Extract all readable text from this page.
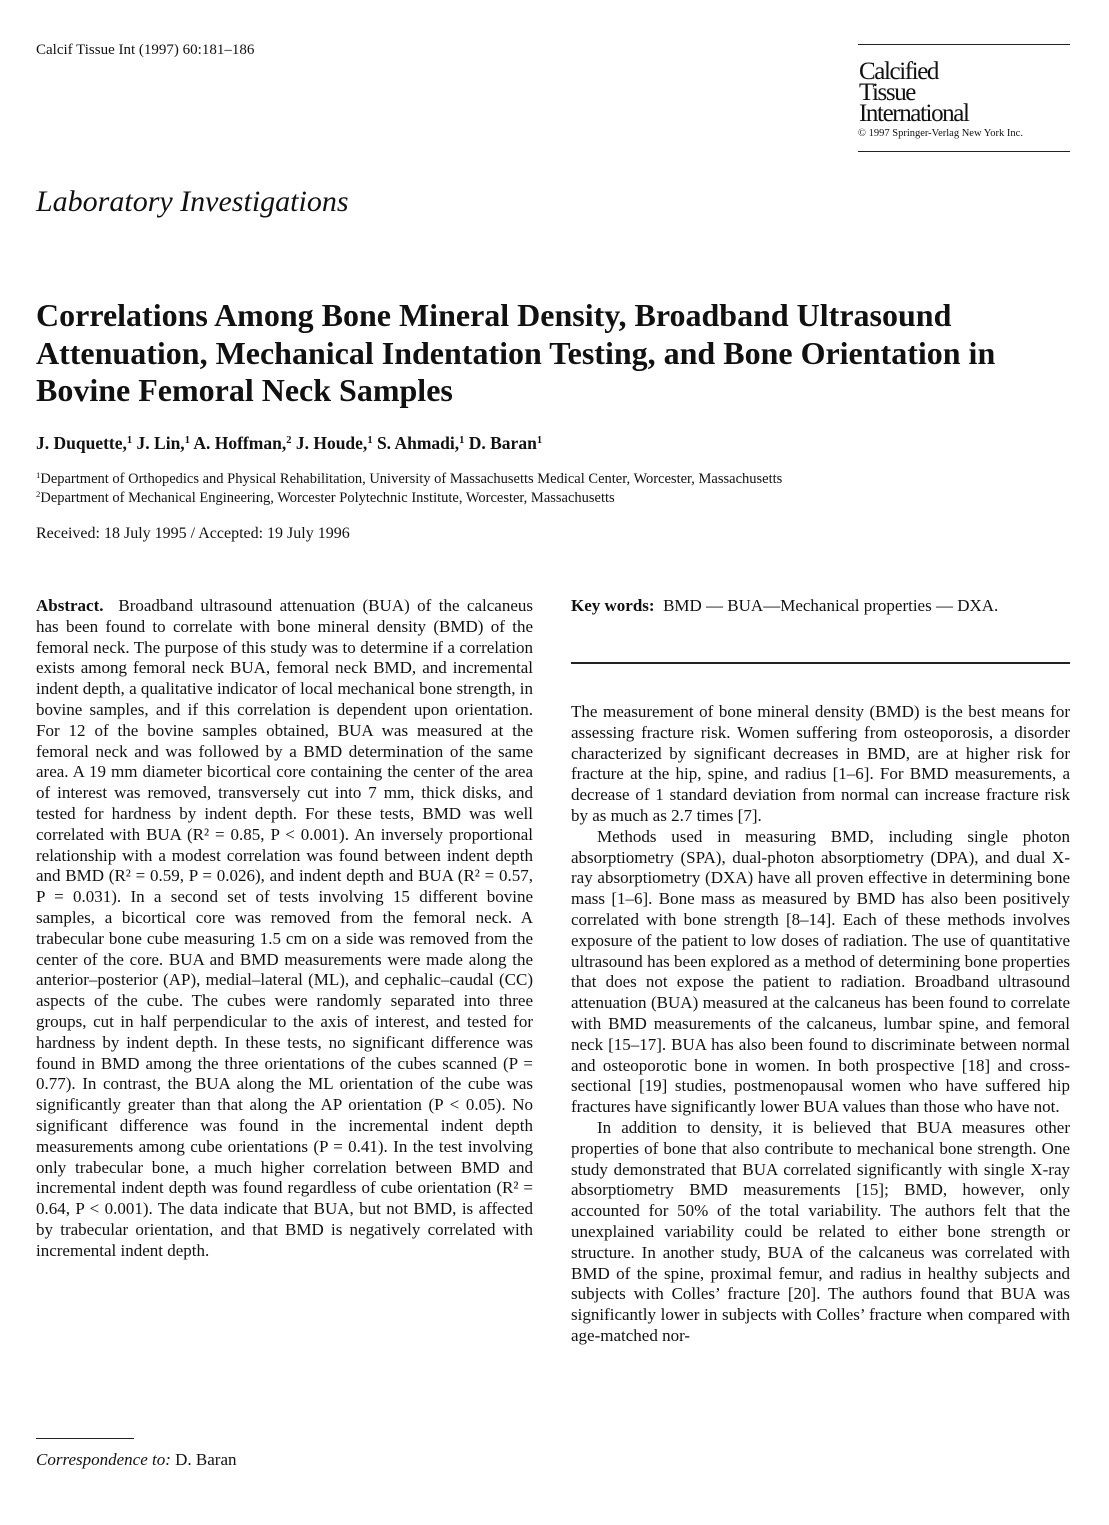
Calcif Tissue Int (1997) 60:181–186
Calcified
Tissue
International
© 1997 Springer-Verlag New York Inc.
Laboratory Investigations
Correlations Among Bone Mineral Density, Broadband Ultrasound Attenuation, Mechanical Indentation Testing, and Bone Orientation in Bovine Femoral Neck Samples
J. Duquette,$^1$ J. Lin,$^1$ A. Hoffman,$^2$ J. Houde,$^1$ S. Ahmadi,$^1$ D. Baran$^1$
$^1$Department of Orthopedics and Physical Rehabilitation, University of Massachusetts Medical Center, Worcester, Massachusetts
$^2$Department of Mechanical Engineering, Worcester Polytechnic Institute, Worcester, Massachusetts
Received: 18 July 1995 / Accepted: 19 July 1996

Abstract. Broadband ultrasound attenuation (BUA) of the calcaneus has been found to correlate with bone mineral density (BMD) of the femoral neck. The purpose of this study was to determine if a correlation exists among femoral neck BUA, femoral neck BMD, and incremental indent depth, a qualitative indicator of local mechanical bone strength, in bovine samples, and if this correlation is dependent upon orientation. For 12 of the bovine samples obtained, BUA was measured at the femoral neck and was followed by a BMD determination of the same area. A 19 mm diameter bicortical core containing the center of the area of interest was removed, transversely cut into 7 mm, thick disks, and tested for hardness by indent depth. For these tests, BMD was well correlated with BUA (R² = 0.85, P < 0.001). An inversely proportional relationship with a modest correlation was found between indent depth and BMD (R² = 0.59, P = 0.026), and indent depth and BUA (R² = 0.57, P = 0.031). In a second set of tests involving 15 different bovine samples, a bicortical core was removed from the femoral neck. A trabecular bone cube measuring 1.5 cm on a side was removed from the center of the core. BUA and BMD measurements were made along the anterior–posterior (AP), medial–lateral (ML), and cephalic–caudal (CC) aspects of the cube. The cubes were randomly separated into three groups, cut in half perpendicular to the axis of interest, and tested for hardness by indent depth. In these tests, no significant difference was found in BMD among the three orientations of the cubes scanned (P = 0.77). In contrast, the BUA along the ML orientation of the cube was significantly greater than that along the AP orientation (P < 0.05). No significant difference was found in the incremental indent depth measurements among cube orientations (P = 0.41). In the test involving only trabecular bone, a much higher correlation between BMD and incremental indent depth was found regardless of cube orientation (R² = 0.64, P < 0.001). The data indicate that BUA, but not BMD, is affected by trabecular orientation, and that BMD is negatively correlated with incremental indent depth.

Correspondence to: D. Baran
Key words: BMD — BUA—Mechanical properties — DXA.

The measurement of bone mineral density (BMD) is the best means for assessing fracture risk. Women suffering from osteoporosis, a disorder characterized by significant decreases in BMD, are at higher risk for fracture at the hip, spine, and radius [1–6]. For BMD measurements, a decrease of 1 standard deviation from normal can increase fracture risk by as much as 2.7 times [7].

Methods used in measuring BMD, including single photon absorptiometry (SPA), dual-photon absorptiometry (DPA), and dual X-ray absorptiometry (DXA) have all proven effective in determining bone mass [1–6]. Bone mass as measured by BMD has also been positively correlated with bone strength [8–14]. Each of these methods involves exposure of the patient to low doses of radiation. The use of quantitative ultrasound has been explored as a method of determining bone properties that does not expose the patient to radiation. Broadband ultrasound attenuation (BUA) measured at the calcaneus has been found to correlate with BMD measurements of the calcaneus, lumbar spine, and femoral neck [15–17]. BUA has also been found to discriminate between normal and osteoporotic bone in women. In both prospective [18] and cross-sectional [19] studies, postmenopausal women who have suffered hip fractures have significantly lower BUA values than those who have not.

In addition to density, it is believed that BUA measures other properties of bone that also contribute to mechanical bone strength. One study demonstrated that BUA correlated significantly with single X-ray absorptiometry BMD measurements [15]; BMD, however, only accounted for 50% of the total variability. The authors felt that the unexplained variability could be related to either bone strength or structure. In another study, BUA of the calcaneus was correlated with BMD of the spine, proximal femur, and radius in healthy subjects and subjects with Colles’ fracture [20]. The authors found that BUA was significantly lower in subjects with Colles’ fracture when compared with age-matched nor-
